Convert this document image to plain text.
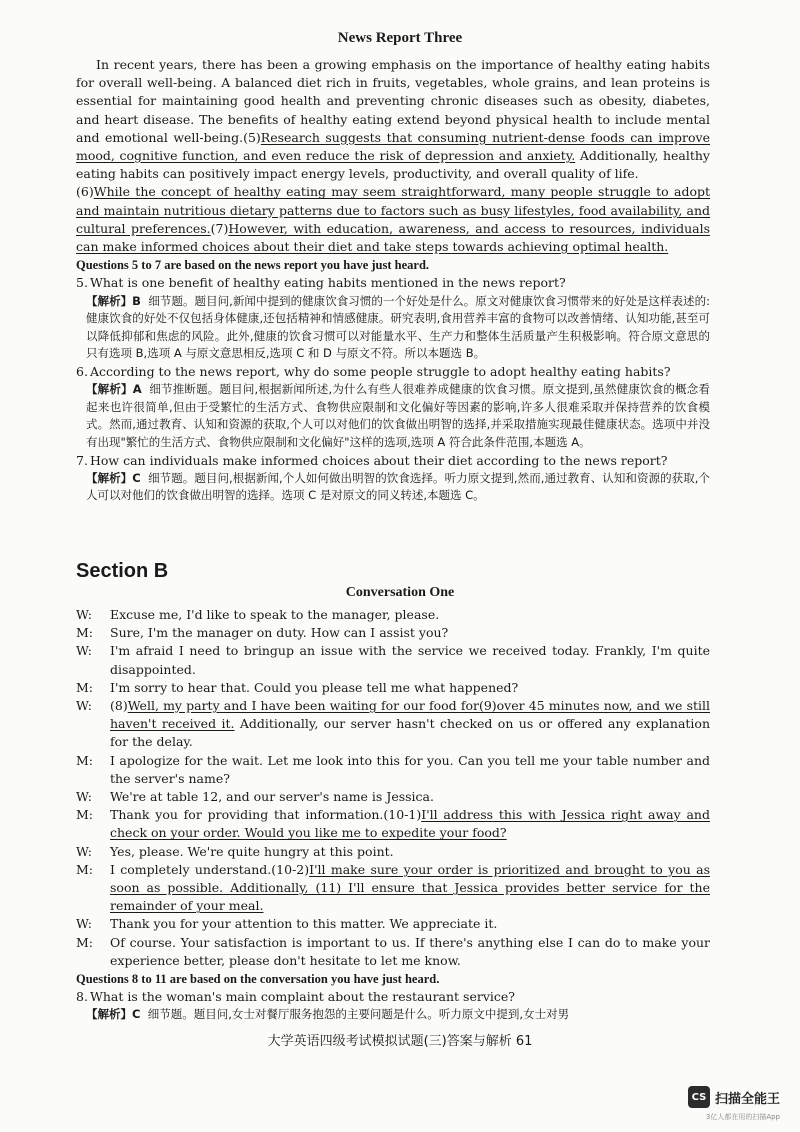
News Report Three

In recent years, there has been a growing emphasis on the importance of healthy eating habits for overall well-being. A balanced diet rich in fruits, vegetables, whole grains, and lean proteins is essential for maintaining good health and preventing chronic diseases such as obesity, diabetes, and heart disease. The benefits of healthy eating extend beyond physical health to include mental and emotional well-being.(5)Research suggests that consuming nutrient-dense foods can improve mood, cognitive function, and even reduce the risk of depression and anxiety. Additionally, healthy eating habits can positively impact energy levels, productivity, and overall quality of life.
(6)While the concept of healthy eating may seem straightforward, many people struggle to adopt and maintain nutritious dietary patterns due to factors such as busy lifestyles, food availability, and cultural preferences.(7)However, with education, awareness, and access to resources, individuals can make informed choices about their diet and take steps towards achieving optimal health.

Questions 5 to 7 are based on the news report you have just heard.

5. What is one benefit of healthy eating habits mentioned in the news report?

【解析】B 细节题。题目问,新闻中提到的健康饮食习惯的一个好处是什么。原文对健康饮食习惯带来的好处是这样表述的:健康饮食的好处不仅包括身体健康,还包括精神和情感健康。研究表明,食用营养丰富的食物可以改善情绪、认知功能,甚至可以降低抑郁和焦虑的风险。此外,健康的饮食习惯可以对能量水平、生产力和整体生活质量产生积极影响。符合原文意思的只有选项 B,选项 A 与原文意思相反,选项 C 和 D 与原文不符。所以本题选 B。

6. According to the news report, why do some people struggle to adopt healthy eating habits?

【解析】A 细节推断题。题目问,根据新闻所述,为什么有些人很难养成健康的饮食习惯。原文提到,虽然健康饮食的概念看起来也许很简单,但由于受繁忙的生活方式、食物供应限制和文化偏好等因素的影响,许多人很难采取并保持营养的饮食模式。然而,通过教育、认知和资源的获取,个人可以对他们的饮食做出明智的选择,并采取措施实现最佳健康状态。选项中并没有出现"繁忙的生活方式、食物供应限制和文化偏好"这样的选项,选项 A 符合此条件范围,本题选 A。

7. How can individuals make informed choices about their diet according to the news report?

【解析】C 细节题。题目问,根据新闻,个人如何做出明智的饮食选择。听力原文提到,然而,通过教育、认知和资源的获取,个人可以对他们的饮食做出明智的选择。选项 C 是对原文的同义转述,本题选 C。

Section B
Conversation One
W:	Excuse me, I'd like to speak to the manager, please.
M:	Sure, I'm the manager on duty. How can I assist you?
W:	I'm afraid I need to bringup an issue with the service we received today. Frankly, I'm quite disappointed.
M:	I'm sorry to hear that. Could you please tell me what happened?
W:	(8)Well, my party and I have been waiting for our food for(9)over 45 minutes now, and we still haven't received it. Additionally, our server hasn't checked on us or offered any explanation for the delay.
M:	I apologize for the wait. Let me look into this for you. Can you tell me your table number and the server's name?
W:	We're at table 12, and our server's name is Jessica.
M:	Thank you for providing that information.(10-1)I'll address this with Jessica right away and check on your order. Would you like me to expedite your food?
W:	Yes, please. We're quite hungry at this point.
M:	I completely understand.(10-2)I'll make sure your order is prioritized and brought to you as soon as possible. Additionally, (11) I'll ensure that Jessica provides better service for the remainder of your meal.
W:	Thank you for your attention to this matter. We appreciate it.
M:	Of course. Your satisfaction is important to us. If there's anything else I can do to make your experience better, please don't hesitate to let me know.

Questions 8 to 11 are based on the conversation you have just heard.

8. What is the woman's main complaint about the restaurant service?

【解析】C 细节题。题目问,女士对餐厅服务抱怨的主要问题是什么。听力原文中提到,女士对男

大学英语四级考试模拟试题(三)答案与解析 61
CS 扫描全能王
3亿人都在用的扫描App
